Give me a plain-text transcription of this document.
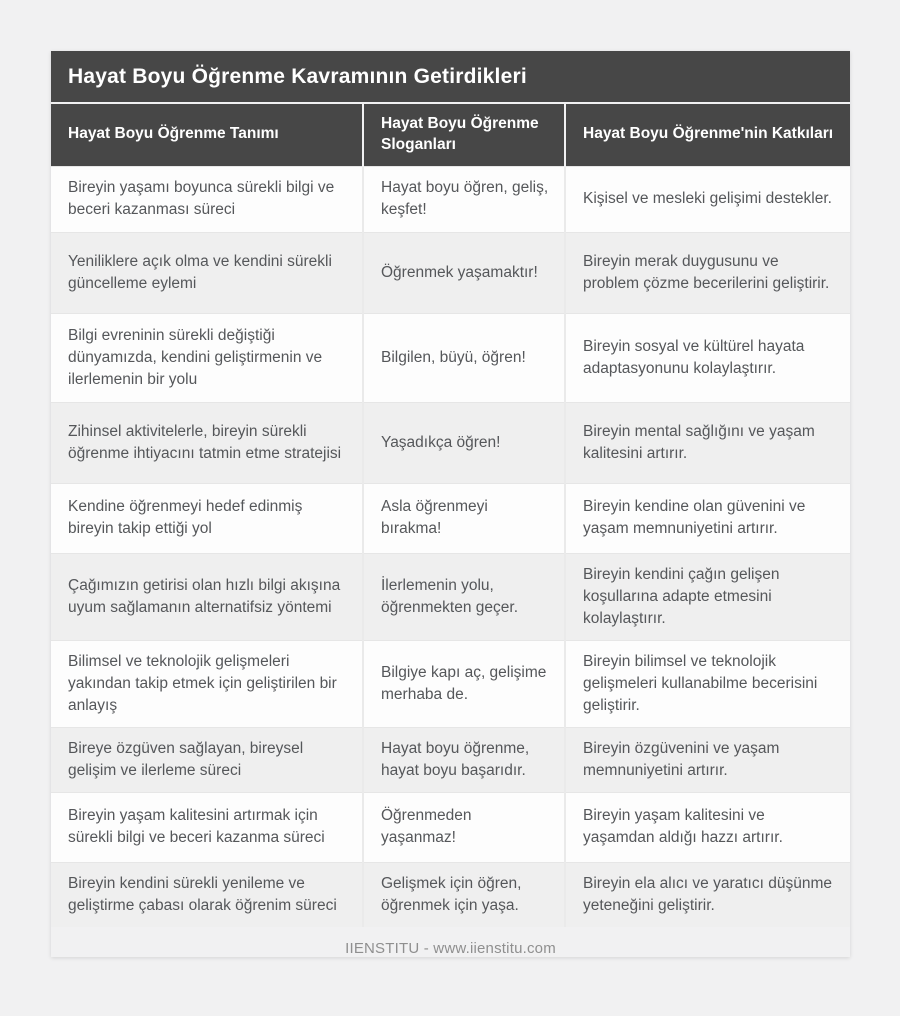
Hayat Boyu Öğrenme Kavramının Getirdikleri
Hayat Boyu Öğrenme Tanımı	Hayat Boyu Öğrenme Sloganları	Hayat Boyu Öğrenme'nin Katkıları
Bireyin yaşamı boyunca sürekli bilgi ve beceri kazanması süreci	Hayat boyu öğren, geliş, keşfet!	Kişisel ve mesleki gelişimi destekler.
Yeniliklere açık olma ve kendini sürekli güncelleme eylemi	Öğrenmek yaşamaktır!	Bireyin merak duygusunu ve problem çözme becerilerini geliştirir.
Bilgi evreninin sürekli değiştiği dünyamızda, kendini geliştirmenin ve ilerlemenin bir yolu	Bilgilen, büyü, öğren!	Bireyin sosyal ve kültürel hayata adaptasyonunu kolaylaştırır.
Zihinsel aktivitelerle, bireyin sürekli öğrenme ihtiyacını tatmin etme stratejisi	Yaşadıkça öğren!	Bireyin mental sağlığını ve yaşam kalitesini artırır.
Kendine öğrenmeyi hedef edinmiş bireyin takip ettiği yol	Asla öğrenmeyi bırakma!	Bireyin kendine olan güvenini ve yaşam memnuniyetini artırır.
Çağımızın getirisi olan hızlı bilgi akışına uyum sağlamanın alternatifsiz yöntemi	İlerlemenin yolu, öğrenmekten geçer.	Bireyin kendini çağın gelişen koşullarına adapte etmesini kolaylaştırır.
Bilimsel ve teknolojik gelişmeleri yakından takip etmek için geliştirilen bir anlayış	Bilgiye kapı aç, gelişime merhaba de.	Bireyin bilimsel ve teknolojik gelişmeleri kullanabilme becerisini geliştirir.
Bireye özgüven sağlayan, bireysel gelişim ve ilerleme süreci	Hayat boyu öğrenme, hayat boyu başarıdır.	Bireyin özgüvenini ve yaşam memnuniyetini artırır.
Bireyin yaşam kalitesini artırmak için sürekli bilgi ve beceri kazanma süreci	Öğrenmeden yaşanmaz!	Bireyin yaşam kalitesini ve yaşamdan aldığı hazzı artırır.
Bireyin kendini sürekli yenileme ve geliştirme çabası olarak öğrenim süreci	Gelişmek için öğren, öğrenmek için yaşa.	Bireyin ela alıcı ve yaratıcı düşünme yeteneğini geliştirir.
IIENSTITU - www.iienstitu.com
